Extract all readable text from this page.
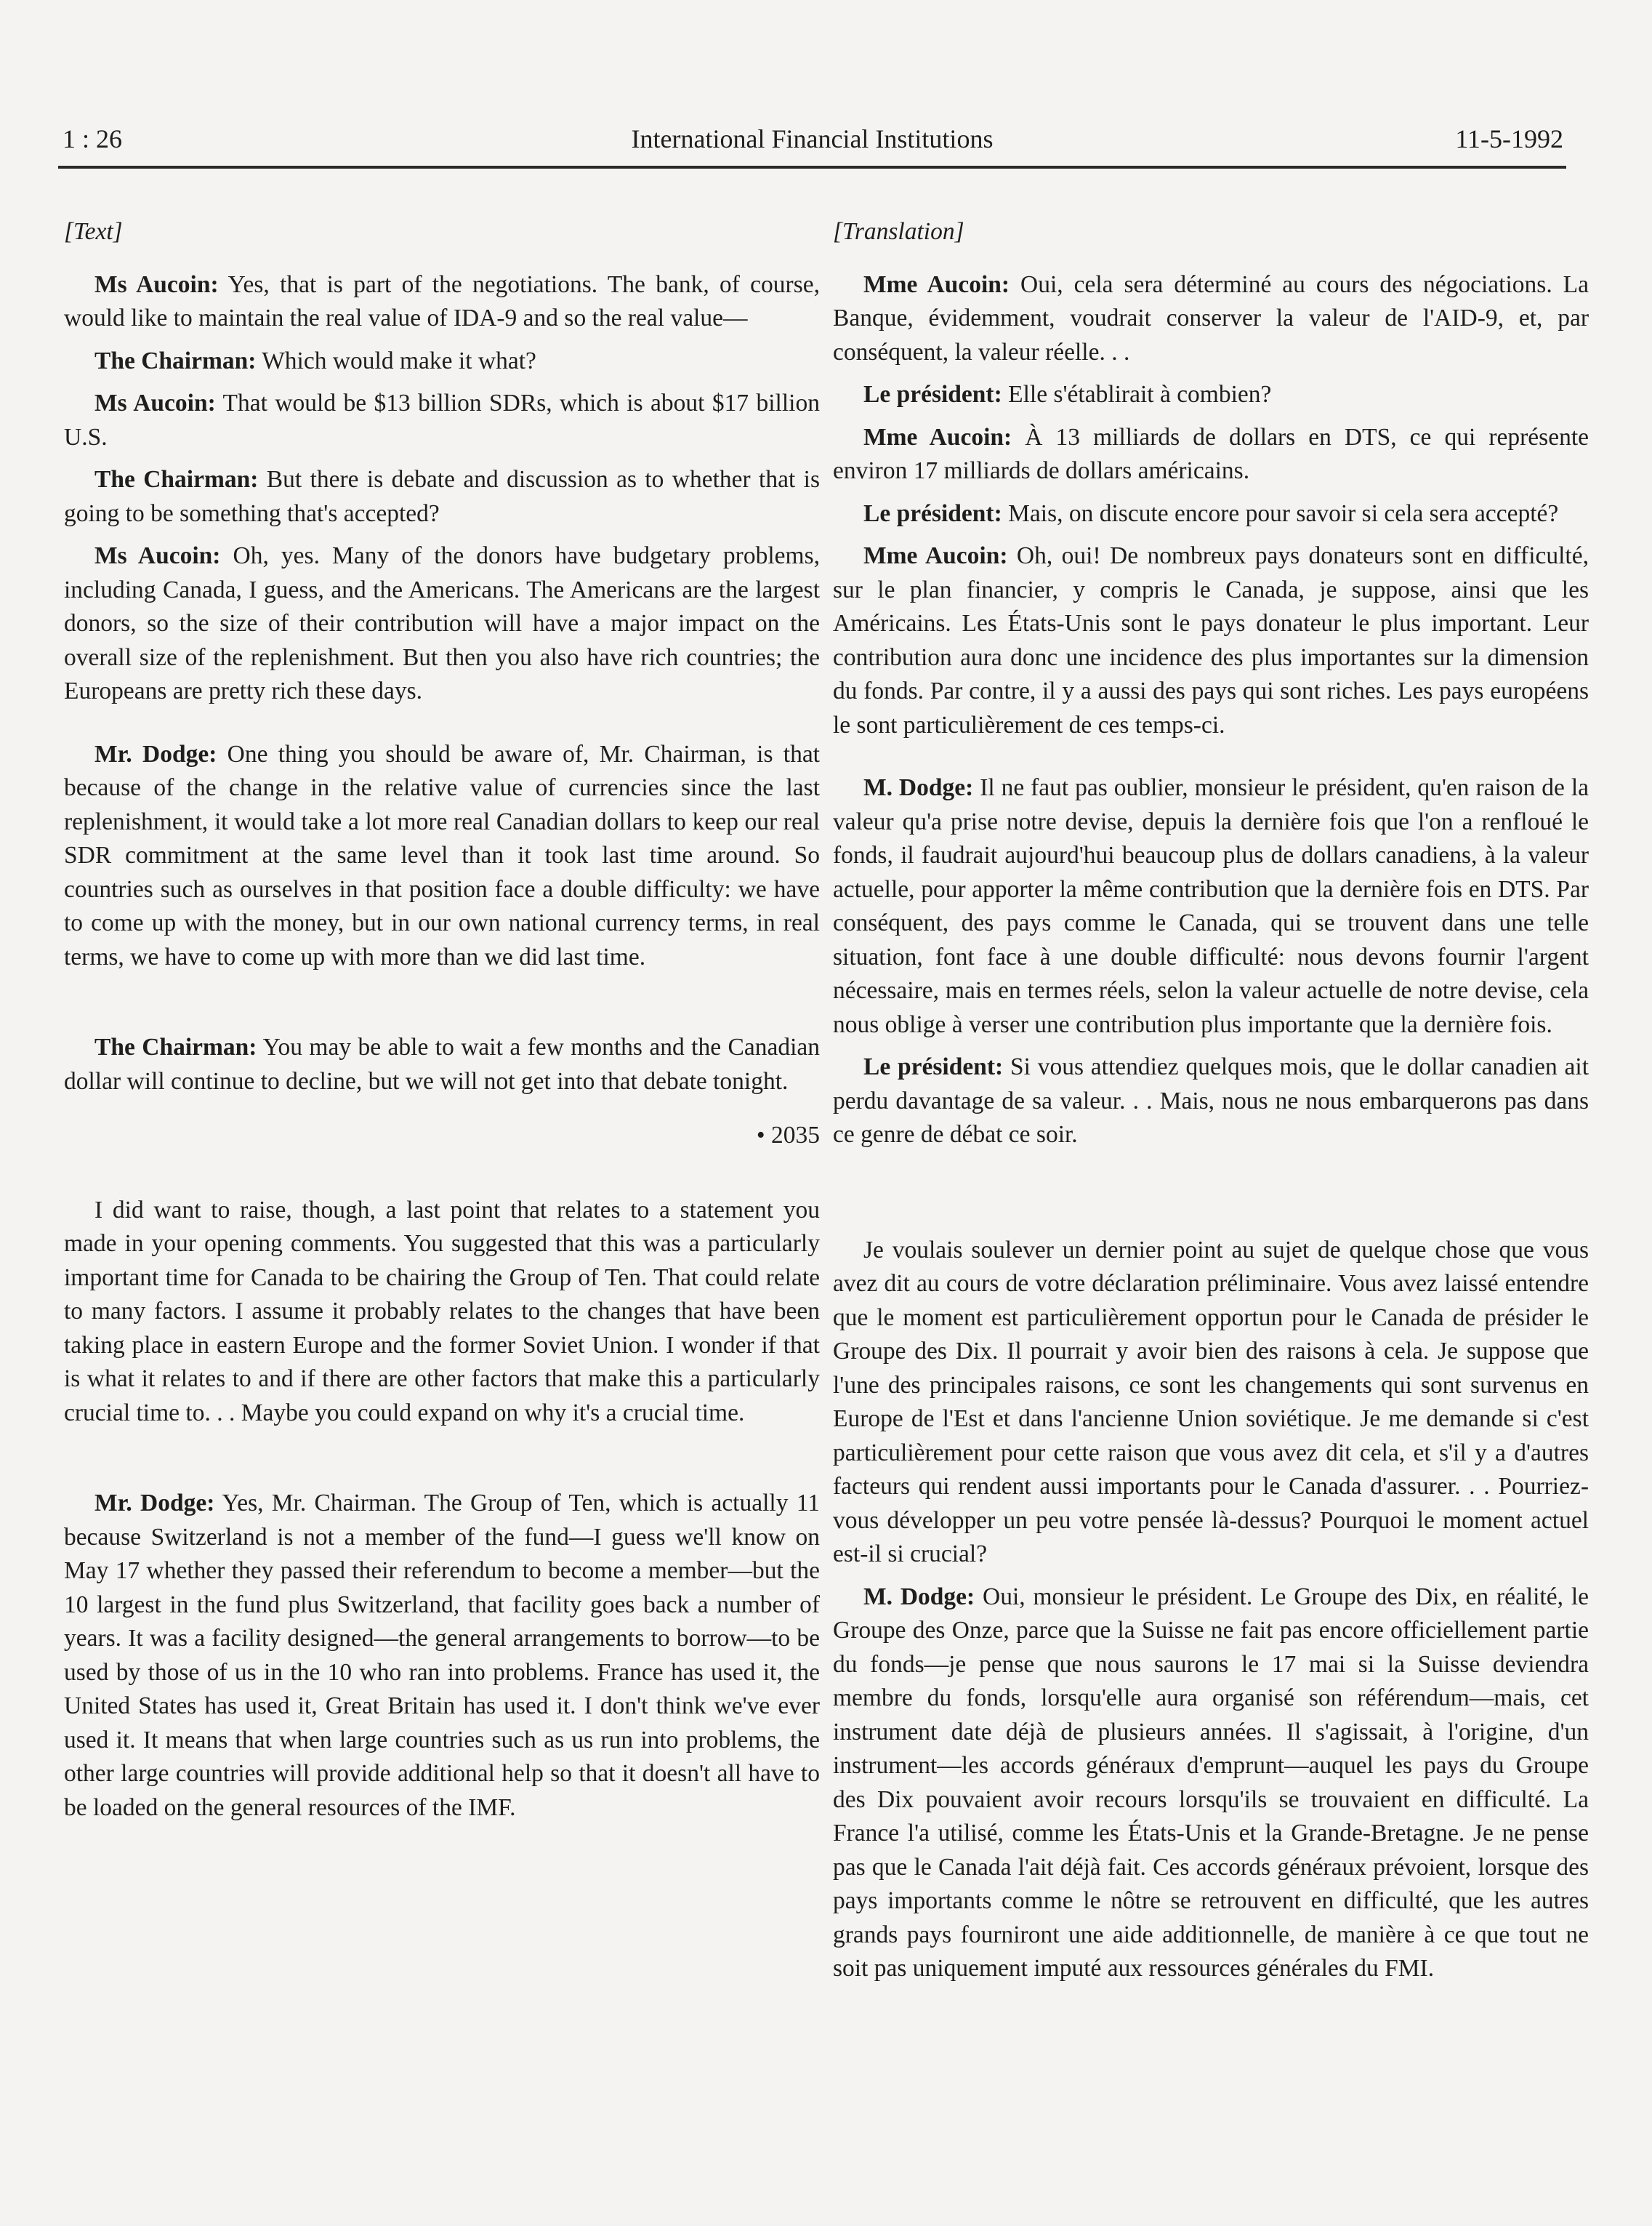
1 : 26	International Financial Institutions	11-5-1992

[Text]

Ms Aucoin: Yes, that is part of the negotiations. The bank, of course, would like to maintain the real value of IDA-9 and so the real value—

The Chairman: Which would make it what?

Ms Aucoin: That would be $13 billion SDRs, which is about $17 billion U.S.

The Chairman: But there is debate and discussion as to whether that is going to be something that's accepted?

Ms Aucoin: Oh, yes. Many of the donors have budgetary problems, including Canada, I guess, and the Americans. The Americans are the largest donors, so the size of their contribution will have a major impact on the overall size of the replenishment. But then you also have rich countries; the Europeans are pretty rich these days.

Mr. Dodge: One thing you should be aware of, Mr. Chairman, is that because of the change in the relative value of currencies since the last replenishment, it would take a lot more real Canadian dollars to keep our real SDR commitment at the same level than it took last time around. So countries such as ourselves in that position face a double difficulty: we have to come up with the money, but in our own national currency terms, in real terms, we have to come up with more than we did last time.

The Chairman: You may be able to wait a few months and the Canadian dollar will continue to decline, but we will not get into that debate tonight.

• 2035

I did want to raise, though, a last point that relates to a statement you made in your opening comments. You suggested that this was a particularly important time for Canada to be chairing the Group of Ten. That could relate to many factors. I assume it probably relates to the changes that have been taking place in eastern Europe and the former Soviet Union. I wonder if that is what it relates to and if there are other factors that make this a particularly crucial time to. . . Maybe you could expand on why it's a crucial time.

Mr. Dodge: Yes, Mr. Chairman. The Group of Ten, which is actually 11 because Switzerland is not a member of the fund—I guess we'll know on May 17 whether they passed their referendum to become a member—but the 10 largest in the fund plus Switzerland, that facility goes back a number of years. It was a facility designed—the general arrangements to borrow—to be used by those of us in the 10 who ran into problems. France has used it, the United States has used it, Great Britain has used it. I don't think we've ever used it. It means that when large countries such as us run into problems, the other large countries will provide additional help so that it doesn't all have to be loaded on the general resources of the IMF.

[Translation]

Mme Aucoin: Oui, cela sera déterminé au cours des négociations. La Banque, évidemment, voudrait conserver la valeur de l'AID-9, et, par conséquent, la valeur réelle. . .

Le président: Elle s'établirait à combien?

Mme Aucoin: À 13 milliards de dollars en DTS, ce qui représente environ 17 milliards de dollars américains.

Le président: Mais, on discute encore pour savoir si cela sera accepté?

Mme Aucoin: Oh, oui! De nombreux pays donateurs sont en difficulté, sur le plan financier, y compris le Canada, je suppose, ainsi que les Américains. Les États-Unis sont le pays donateur le plus important. Leur contribution aura donc une incidence des plus importantes sur la dimension du fonds. Par contre, il y a aussi des pays qui sont riches. Les pays européens le sont particulièrement de ces temps-ci.

M. Dodge: Il ne faut pas oublier, monsieur le président, qu'en raison de la valeur qu'a prise notre devise, depuis la dernière fois que l'on a renfloué le fonds, il faudrait aujourd'hui beaucoup plus de dollars canadiens, à la valeur actuelle, pour apporter la même contribution que la dernière fois en DTS. Par conséquent, des pays comme le Canada, qui se trouvent dans une telle situation, font face à une double difficulté: nous devons fournir l'argent nécessaire, mais en termes réels, selon la valeur actuelle de notre devise, cela nous oblige à verser une contribution plus importante que la dernière fois.

Le président: Si vous attendiez quelques mois, que le dollar canadien ait perdu davantage de sa valeur. . . Mais, nous ne nous embarquerons pas dans ce genre de débat ce soir.

Je voulais soulever un dernier point au sujet de quelque chose que vous avez dit au cours de votre déclaration préliminaire. Vous avez laissé entendre que le moment est particulièrement opportun pour le Canada de présider le Groupe des Dix. Il pourrait y avoir bien des raisons à cela. Je suppose que l'une des principales raisons, ce sont les changements qui sont survenus en Europe de l'Est et dans l'ancienne Union soviétique. Je me demande si c'est particulièrement pour cette raison que vous avez dit cela, et s'il y a d'autres facteurs qui rendent aussi importants pour le Canada d'assurer. . . Pourriez-vous développer un peu votre pensée là-dessus? Pourquoi le moment actuel est-il si crucial?

M. Dodge: Oui, monsieur le président. Le Groupe des Dix, en réalité, le Groupe des Onze, parce que la Suisse ne fait pas encore officiellement partie du fonds—je pense que nous saurons le 17 mai si la Suisse deviendra membre du fonds, lorsqu'elle aura organisé son référendum—mais, cet instrument date déjà de plusieurs années. Il s'agissait, à l'origine, d'un instrument—les accords généraux d'emprunt—auquel les pays du Groupe des Dix pouvaient avoir recours lorsqu'ils se trouvaient en difficulté. La France l'a utilisé, comme les États-Unis et la Grande-Bretagne. Je ne pense pas que le Canada l'ait déjà fait. Ces accords généraux prévoient, lorsque des pays importants comme le nôtre se retrouvent en difficulté, que les autres grands pays fourniront une aide additionnelle, de manière à ce que tout ne soit pas uniquement imputé aux ressources générales du FMI.
